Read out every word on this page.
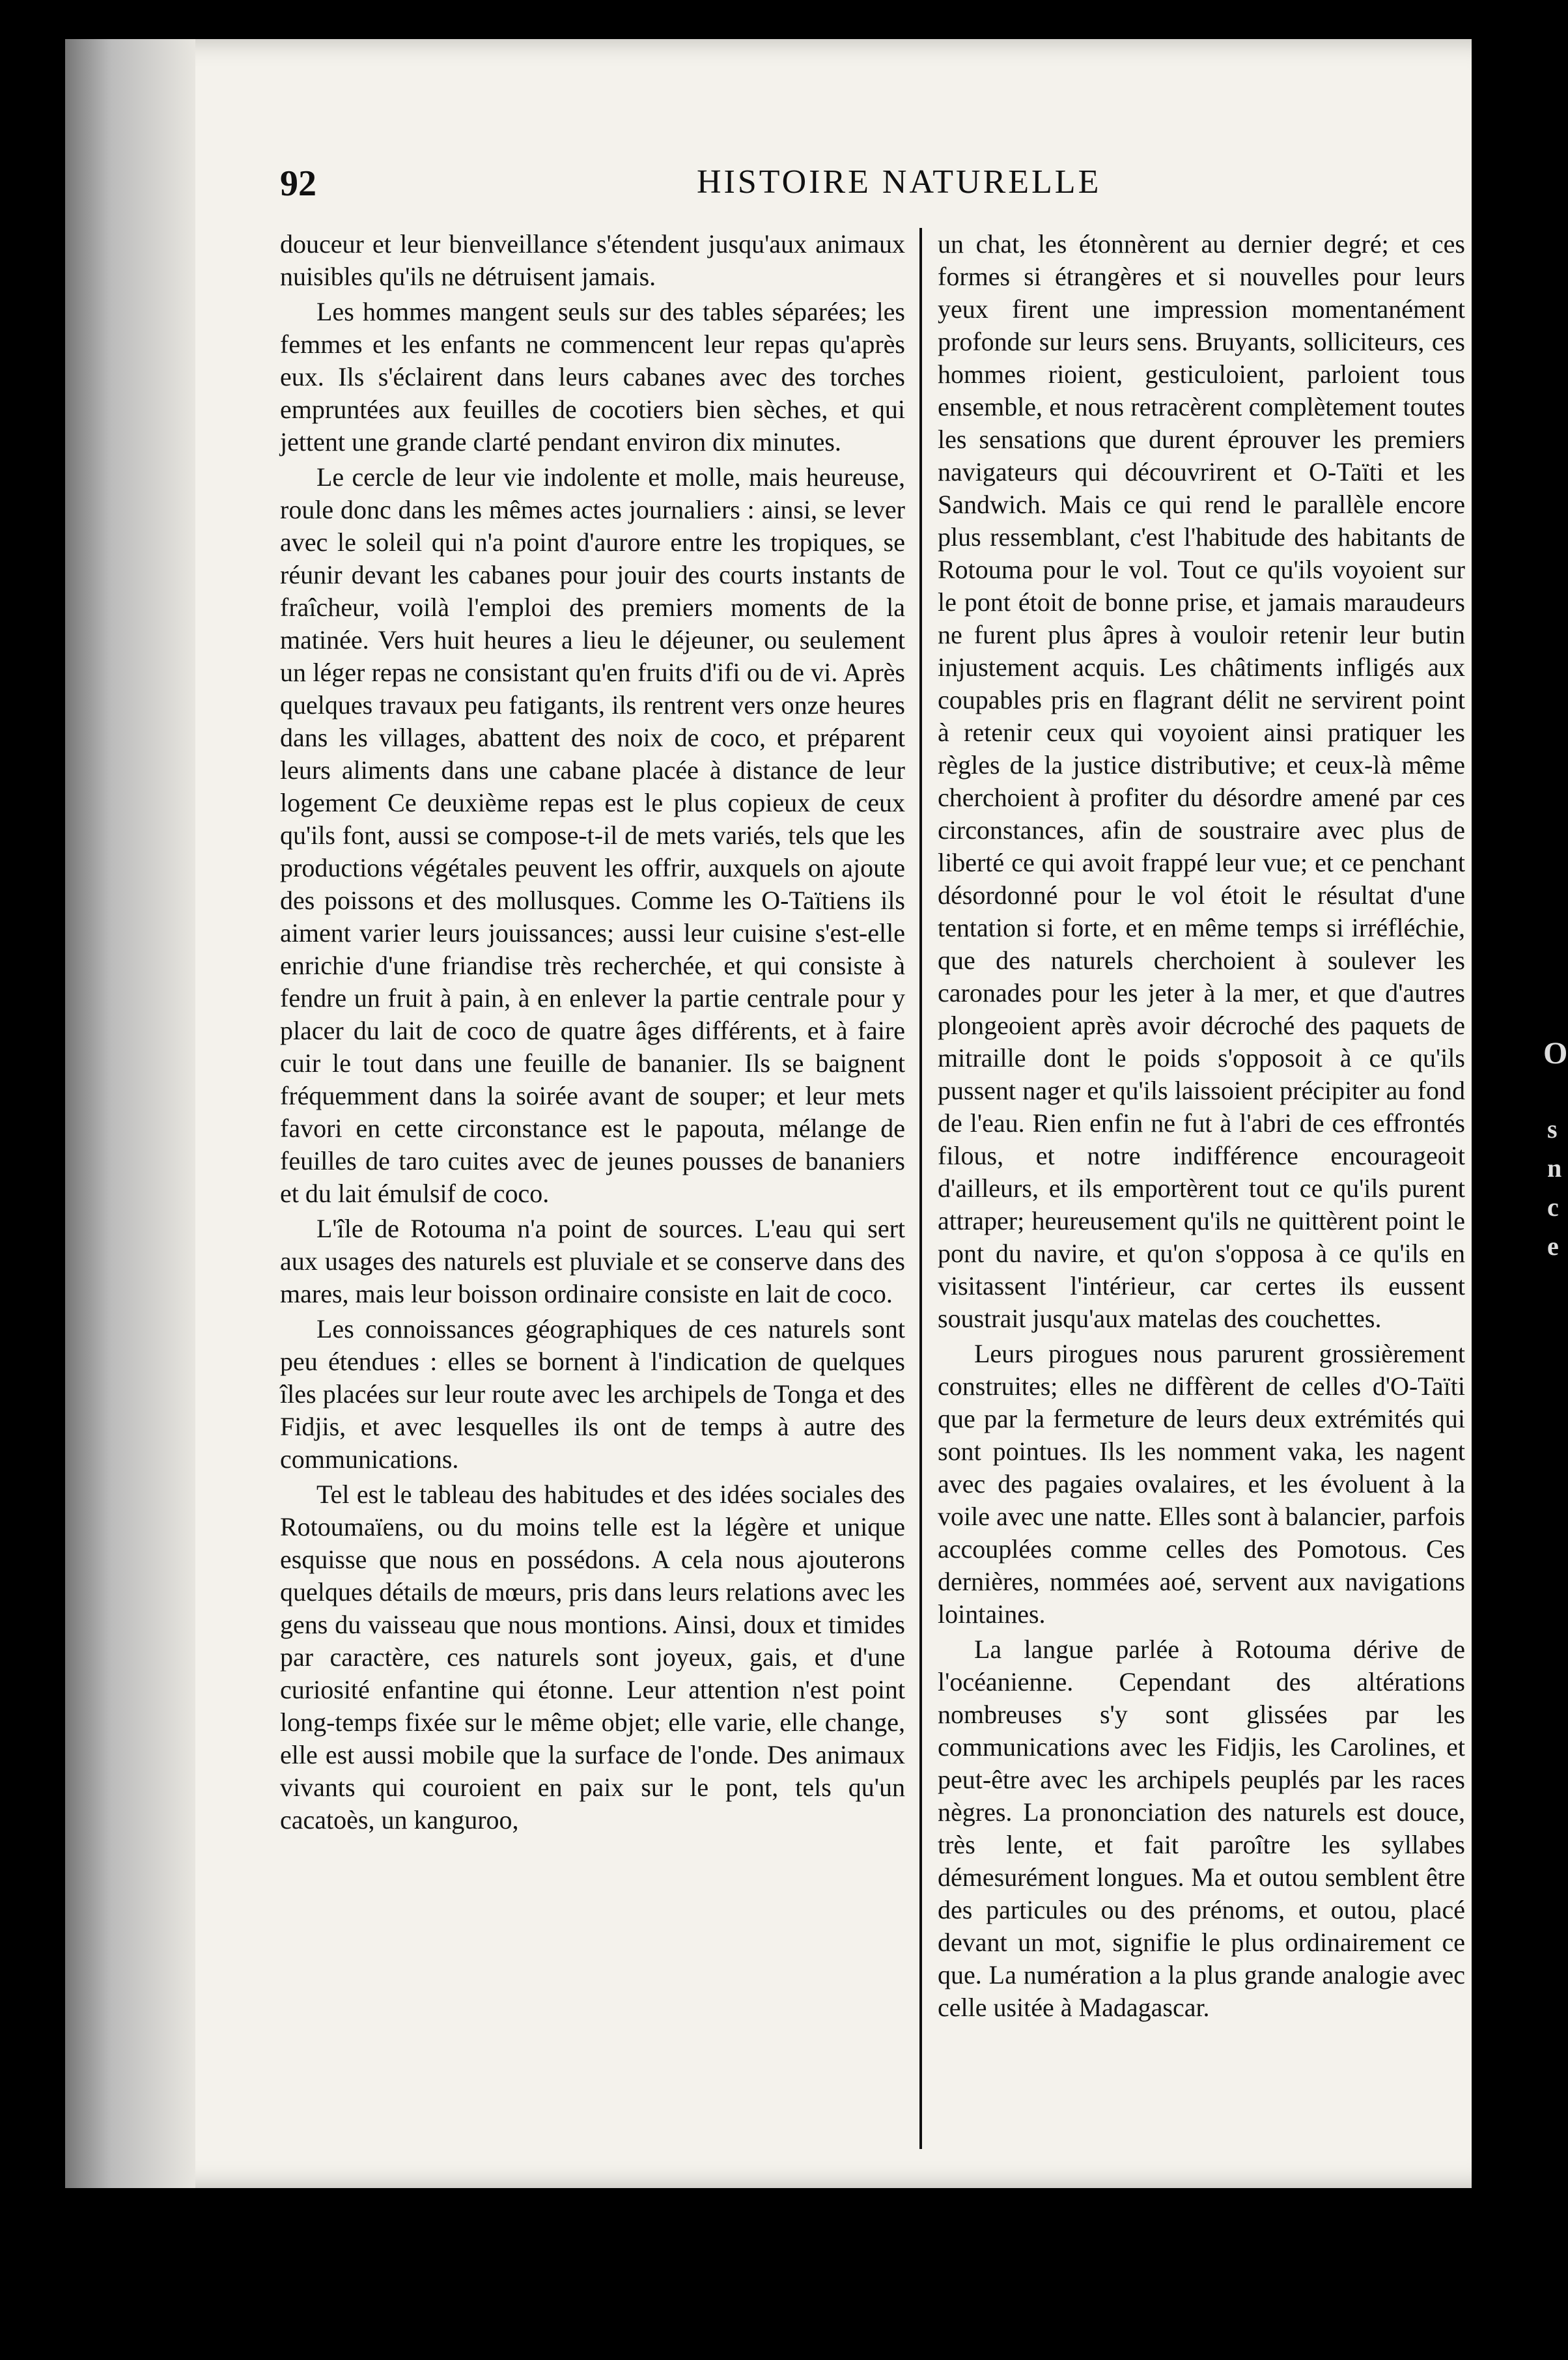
92	HISTOIRE NATURELLE

douceur et leur bienveillance s'étendent jusqu'aux animaux nuisibles qu'ils ne détruisent jamais.

Les hommes mangent seuls sur des tables séparées; les femmes et les enfants ne commencent leur repas qu'après eux. Ils s'éclairent dans leurs cabanes avec des torches empruntées aux feuilles de cocotiers bien sèches, et qui jettent une grande clarté pendant environ dix minutes.

Le cercle de leur vie indolente et molle, mais heureuse, roule donc dans les mêmes actes journaliers : ainsi, se lever avec le soleil qui n'a point d'aurore entre les tropiques, se réunir devant les cabanes pour jouir des courts instants de fraîcheur, voilà l'emploi des premiers moments de la matinée. Vers huit heures a lieu le déjeuner, ou seulement un léger repas ne consistant qu'en fruits d'ifi ou de vi. Après quelques travaux peu fatigants, ils rentrent vers onze heures dans les villages, abattent des noix de coco, et préparent leurs aliments dans une cabane placée à distance de leur logement Ce deuxième repas est le plus copieux de ceux qu'ils font, aussi se compose-t-il de mets variés, tels que les productions végétales peuvent les offrir, auxquels on ajoute des poissons et des mollusques. Comme les O-Taïtiens ils aiment varier leurs jouissances; aussi leur cuisine s'est-elle enrichie d'une friandise très recherchée, et qui consiste à fendre un fruit à pain, à en enlever la partie centrale pour y placer du lait de coco de quatre âges différents, et à faire cuir le tout dans une feuille de bananier. Ils se baignent fréquemment dans la soirée avant de souper; et leur mets favori en cette circonstance est le papouta, mélange de feuilles de taro cuites avec de jeunes pousses de bananiers et du lait émulsif de coco.

L'île de Rotouma n'a point de sources. L'eau qui sert aux usages des naturels est pluviale et se conserve dans des mares, mais leur boisson ordinaire consiste en lait de coco.

Les connoissances géographiques de ces naturels sont peu étendues : elles se bornent à l'indication de quelques îles placées sur leur route avec les archipels de Tonga et des Fidjis, et avec lesquelles ils ont de temps à autre des communications.

Tel est le tableau des habitudes et des idées sociales des Rotoumaïens, ou du moins telle est la légère et unique esquisse que nous en possédons. A cela nous ajouterons quelques détails de mœurs, pris dans leurs relations avec les gens du vaisseau que nous montions. Ainsi, doux et timides par caractère, ces naturels sont joyeux, gais, et d'une curiosité enfantine qui étonne. Leur attention n'est point long-temps fixée sur le même objet; elle varie, elle change, elle est aussi mobile que la surface de l'onde. Des animaux vivants qui couroient en paix sur le pont, tels qu'un cacatoès, un kanguroo,

un chat, les étonnèrent au dernier degré; et ces formes si étrangères et si nouvelles pour leurs yeux firent une impression momentanément profonde sur leurs sens. Bruyants, solliciteurs, ces hommes rioient, gesticuloient, parloient tous ensemble, et nous retracèrent complètement toutes les sensations que durent éprouver les premiers navigateurs qui découvrirent et O-Taïti et les Sandwich. Mais ce qui rend le parallèle encore plus ressemblant, c'est l'habitude des habitants de Rotouma pour le vol. Tout ce qu'ils voyoient sur le pont étoit de bonne prise, et jamais maraudeurs ne furent plus âpres à vouloir retenir leur butin injustement acquis. Les châtiments infligés aux coupables pris en flagrant délit ne servirent point à retenir ceux qui voyoient ainsi pratiquer les règles de la justice distributive; et ceux-là même cherchoient à profiter du désordre amené par ces circonstances, afin de soustraire avec plus de liberté ce qui avoit frappé leur vue; et ce penchant désordonné pour le vol étoit le résultat d'une tentation si forte, et en même temps si irréfléchie, que des naturels cherchoient à soulever les caronades pour les jeter à la mer, et que d'autres plongeoient après avoir décroché des paquets de mitraille dont le poids s'opposoit à ce qu'ils pussent nager et qu'ils laissoient précipiter au fond de l'eau. Rien enfin ne fut à l'abri de ces effrontés filous, et notre indifférence encourageoit d'ailleurs, et ils emportèrent tout ce qu'ils purent attraper; heureusement qu'ils ne quittèrent point le pont du navire, et qu'on s'opposa à ce qu'ils en visitassent l'intérieur, car certes ils eussent soustrait jusqu'aux matelas des couchettes.

Leurs pirogues nous parurent grossièrement construites; elles ne diffèrent de celles d'O-Taïti que par la fermeture de leurs deux extrémités qui sont pointues. Ils les nomment vaka, les nagent avec des pagaies ovalaires, et les évoluent à la voile avec une natte. Elles sont à balancier, parfois accouplées comme celles des Pomotous. Ces dernières, nommées aoé, servent aux navigations lointaines.

La langue parlée à Rotouma dérive de l'océanienne. Cependant des altérations nombreuses s'y sont glissées par les communications avec les Fidjis, les Carolines, et peut-être avec les archipels peuplés par les races nègres. La prononciation des naturels est douce, très lente, et fait paroître les syllabes démesurément longues. Ma et outou semblent être des particules ou des prénoms, et outou, placé devant un mot, signifie le plus ordinairement ce que. La numération a la plus grande analogie avec celle usitée à Madagascar.

O
s
n
c
e
